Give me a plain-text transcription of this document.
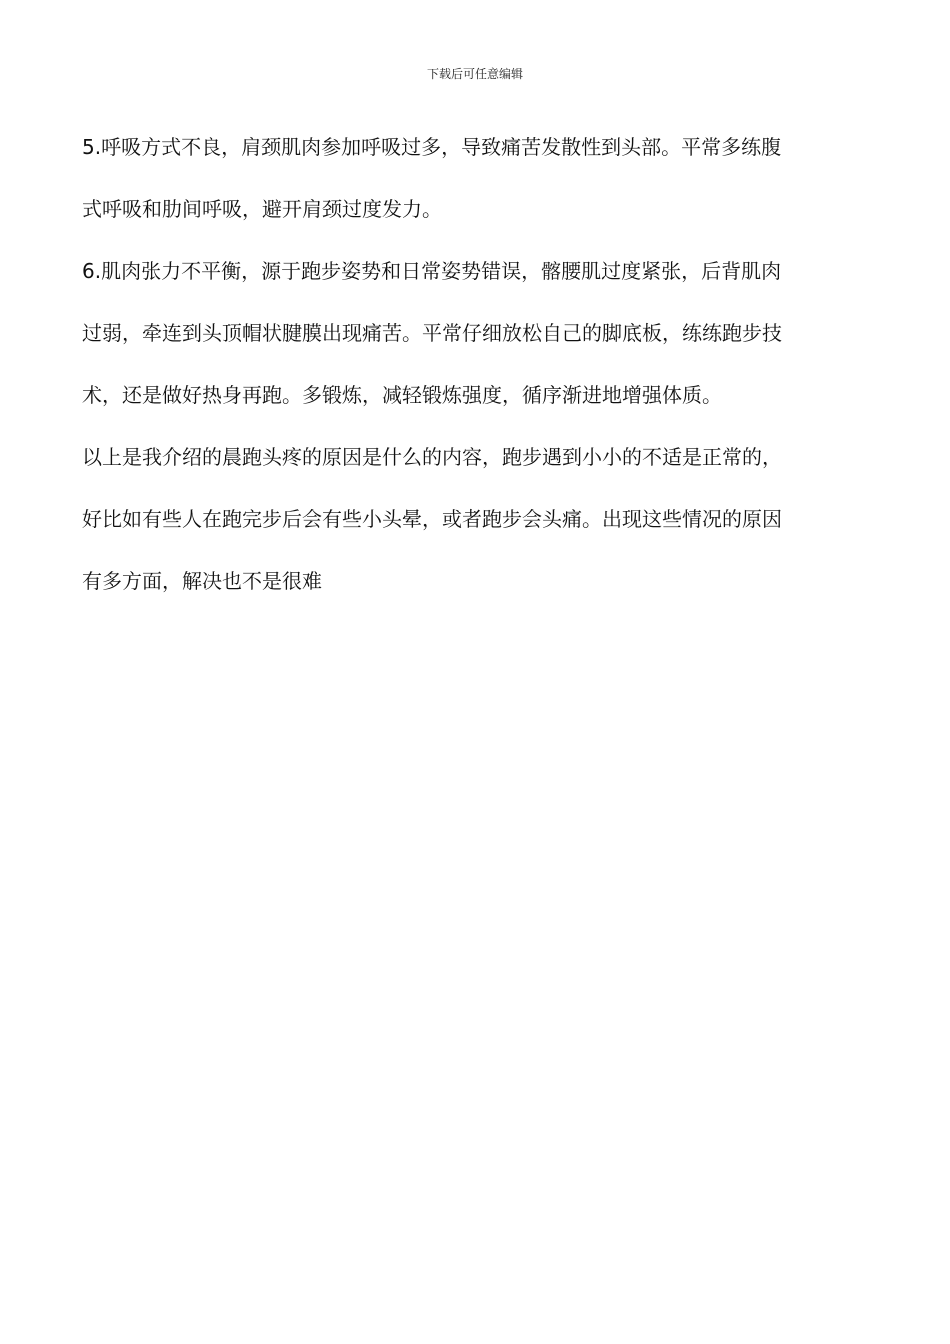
下载后可任意编辑
5.呼吸方式不良，肩颈肌肉参加呼吸过多，导致痛苦发散性到头部。平常多练腹
式呼吸和肋间呼吸，避开肩颈过度发力。
6.肌肉张力不平衡，源于跑步姿势和日常姿势错误，髂腰肌过度紧张，后背肌肉
过弱，牵连到头顶帽状腱膜出现痛苦。平常仔细放松自己的脚底板，练练跑步技
术，还是做好热身再跑。多锻炼，减轻锻炼强度，循序渐进地增强体质。
以上是我介绍的晨跑头疼的原因是什么的内容，跑步遇到小小的不适是正常的，
好比如有些人在跑完步后会有些小头晕，或者跑步会头痛。出现这些情况的原因
有多方面，解决也不是很难
